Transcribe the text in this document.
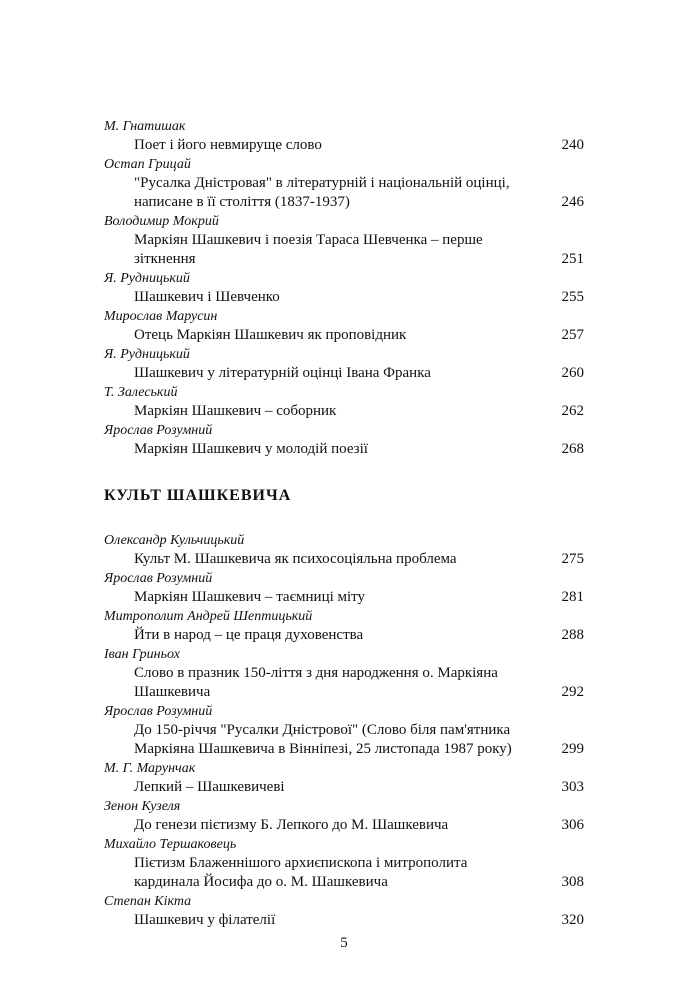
М. Гнатишак
Поет і його невмируще слово	240
Остап Грицай
"Русалка Дністровая" в літературній і національній оцінці, написане в її століття (1837-1937)	246
Володимир Мокрий
Маркіян Шашкевич і поезія Тараса Шевченка – перше зіткнення	251
Я. Рудницький
Шашкевич і Шевченко	255
Мирослав Марусин
Отець Маркіян Шашкевич як проповідник	257
Я. Рудницький
Шашкевич у літературній оцінці Івана Франка	260
Т. Залеський
Маркіян Шашкевич – соборник	262
Ярослав Розумний
Маркіян Шашкевич у молодій поезії	268
КУЛЬТ ШАШКЕВИЧА
Олександр Кульчицький
Культ М. Шашкевича як психосоціяльна проблема	275
Ярослав Розумний
Маркіян Шашкевич – таємниці міту	281
Митрополит Андрей Шептицький
Йти в народ – це праця духовенства	288
Іван Гриньох
Слово в празник 150-ліття з дня народження о. Маркіяна Шашкевича	292
Ярослав Розумний
До 150-річчя "Русалки Дністрової" (Слово біля пам'ятника Маркіяна Шашкевича в Вінніпезі, 25 листопада 1987 року)	299
М. Г. Марунчак
Лепкий – Шашкевичеві	303
Зенон Кузеля
До генези пієтизму Б. Лепкого до М. Шашкевича	306
Михайло Тершаковець
Пієтизм Блаженнішого архиєпископа і митрополита кардинала Йосифа до о. М. Шашкевича	308
Степан Кікта
Шашкевич у філателії	320
5
